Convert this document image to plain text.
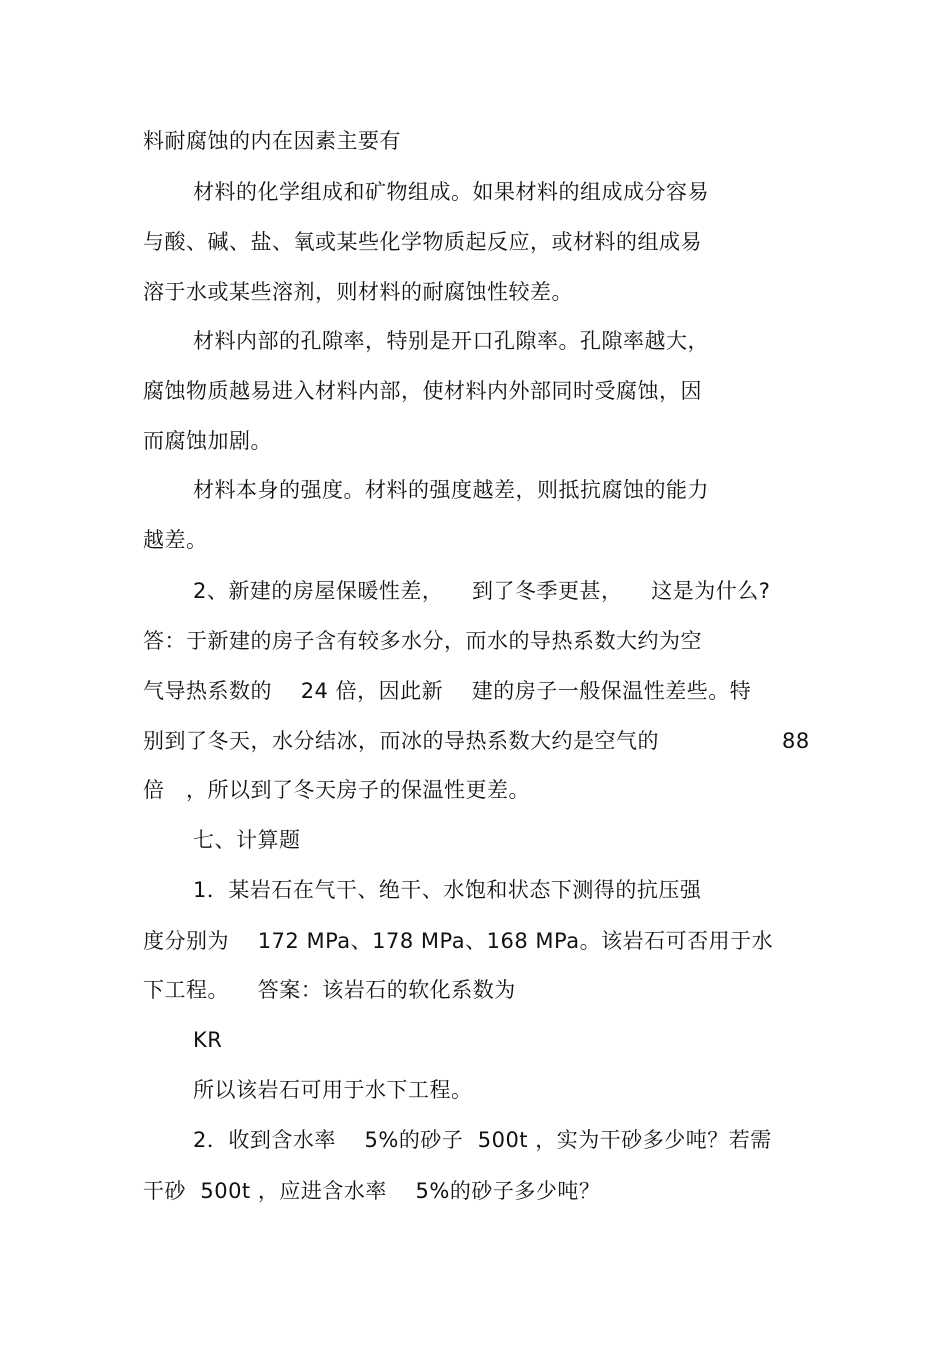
料耐腐蚀的内在因素主要有
材料的化学组成和矿物组成。如果材料的组成成分容易
与酸、碱、盐、氧或某些化学物质起反应，或材料的组成易
溶于水或某些溶剂，则材料的耐腐蚀性较差。
材料内部的孔隙率，特别是开口孔隙率。孔隙率越大，
腐蚀物质越易进入材料内部，使材料内外部同时受腐蚀，因
而腐蚀加剧。
材料本身的强度。材料的强度越差，则抵抗腐蚀的能力
越差。
2、新建的房屋保暖性差，    到了冬季更甚，    这是为什么?
答：于新建的房子含有较多水分，而水的导热系数大约为空
气导热系数的    24 倍，因此新    建的房子一般保温性差些。特
别到了冬天，水分结冰，而冰的导热系数大约是空气的	88
倍   ，所以到了冬天房子的保温性更差。
七、计算题
1．某岩石在气干、绝干、水饱和状态下测得的抗压强
度分别为    172 MPa、178 MPa、168 MPa。该岩石可否用于水
下工程。    答案：该岩石的软化系数为
KR
所以该岩石可用于水下工程。
2．收到含水率    5%的砂子  500t ，实为干砂多少吨？若需
干砂  500t ，应进含水率    5%的砂子多少吨？
